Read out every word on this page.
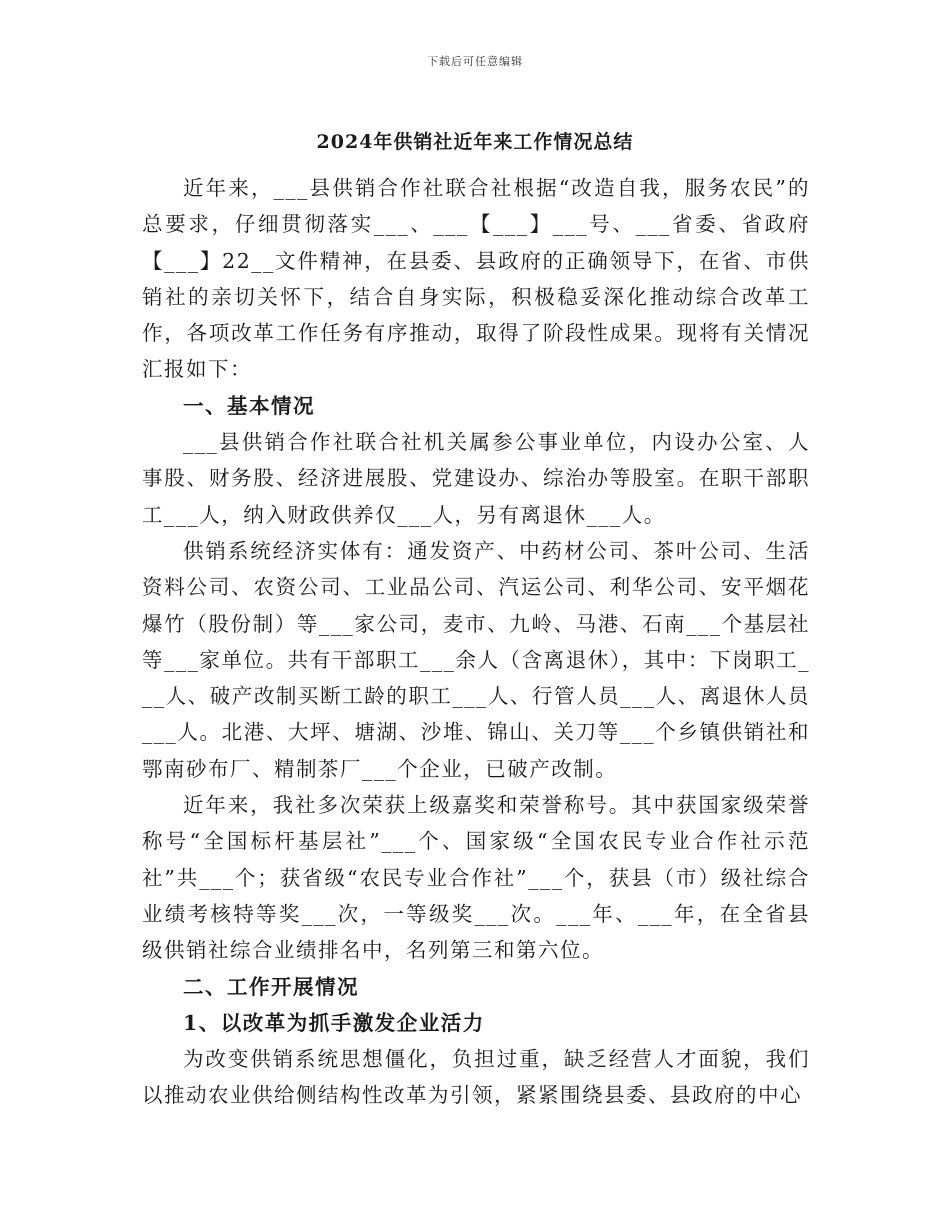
下载后可任意编辑
2024年供销社近年来工作情况总结

近年来，___县供销合作社联合社根据“改造自我，服务农民”的总要求，仔细贯彻落实___、___【___】___号、___省委、省政府【___】22__文件精神，在县委、县政府的正确领导下，在省、市供销社的亲切关怀下，结合自身实际，积极稳妥深化推动综合改革工作，各项改革工作任务有序推动，取得了阶段性成果。现将有关情况汇报如下：

一、基本情况

___县供销合作社联合社机关属参公事业单位，内设办公室、人事股、财务股、经济进展股、党建设办、综治办等股室。在职干部职工___人，纳入财政供养仅___人，另有离退休___人。

供销系统经济实体有：通发资产、中药材公司、茶叶公司、生活资料公司、农资公司、工业品公司、汽运公司、利华公司、安平烟花爆竹（股份制）等___家公司，麦市、九岭、马港、石南___个基层社等___家单位。共有干部职工___余人（含离退休），其中：下岗职工___人、破产改制买断工龄的职工___人、行管人员___人、离退休人员___人。北港、大坪、塘湖、沙堆、锦山、关刀等___个乡镇供销社和鄂南砂布厂、精制茶厂___个企业，已破产改制。

近年来，我社多次荣获上级嘉奖和荣誉称号。其中获国家级荣誉称号“全国标杆基层社”___个、国家级“全国农民专业合作社示范社”共___个；获省级“农民专业合作社”___个，获县（市）级社综合业绩考核特等奖___次，一等级奖___次。___年、___年，在全省县级供销社综合业绩排名中，名列第三和第六位。

二、工作开展情况
1、以改革为抓手激发企业活力

为改变供销系统思想僵化，负担过重，缺乏经营人才面貌，我们以推动农业供给侧结构性改革为引领，紧紧围绕县委、县政府的中心
